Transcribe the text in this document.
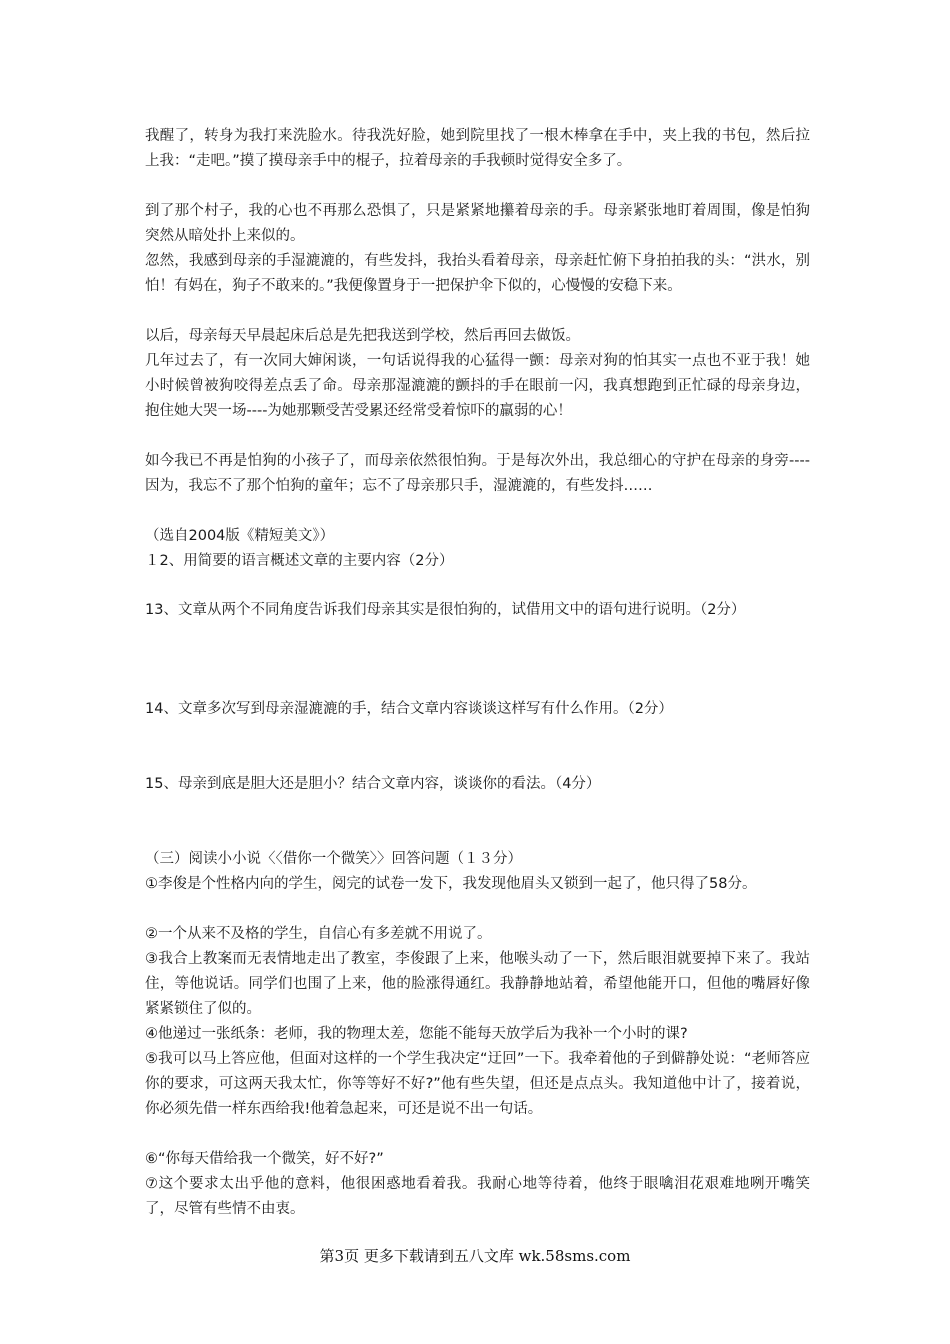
我醒了，转身为我打来洗脸水。待我洗好脸，她到院里找了一根木棒拿在手中，夹上我的书包，然后拉上我：“走吧。”摸了摸母亲手中的棍子，拉着母亲的手我顿时觉得安全多了。

到了那个村子，我的心也不再那么恐惧了，只是紧紧地攥着母亲的手。母亲紧张地盯着周围，像是怕狗突然从暗处扑上来似的。

忽然，我感到母亲的手湿漉漉的，有些发抖，我抬头看着母亲，母亲赶忙俯下身拍拍我的头：“洪水，别怕！有妈在，狗子不敢来的。”我便像置身于一把保护伞下似的，心慢慢的安稳下来。

以后，母亲每天早晨起床后总是先把我送到学校，然后再回去做饭。

几年过去了，有一次同大婶闲谈，一句话说得我的心猛得一颤：母亲对狗的怕其实一点也不亚于我！她小时候曾被狗咬得差点丢了命。母亲那湿漉漉的颤抖的手在眼前一闪，我真想跑到正忙碌的母亲身边，抱住她大哭一场----为她那颗受苦受累还经常受着惊吓的羸弱的心！

如今我已不再是怕狗的小孩子了，而母亲依然很怕狗。于是每次外出，我总细心的守护在母亲的身旁----因为，我忘不了那个怕狗的童年；忘不了母亲那只手，湿漉漉的，有些发抖……

（选自2004版《精短美文》）

１2、用简要的语言概述文章的主要内容（2分）

13、文章从两个不同角度告诉我们母亲其实是很怕狗的，试借用文中的语句进行说明。（2分）

14、文章多次写到母亲湿漉漉的手，结合文章内容谈谈这样写有什么作用。（2分）

15、母亲到底是胆大还是胆小？结合文章内容，谈谈你的看法。（4分）

（三）阅读小小说〈〈借你一个微笑〉〉回答问题（１３分）

①李俊是个性格内向的学生，阅完的试卷一发下，我发现他眉头又锁到一起了，他只得了58分。

②一个从来不及格的学生，自信心有多差就不用说了。

③我合上教案而无表情地走出了教室，李俊跟了上来，他喉头动了一下，然后眼泪就要掉下来了。我站住，等他说话。同学们也围了上来，他的脸涨得通红。我静静地站着，希望他能开口，但他的嘴唇好像紧紧锁住了似的。

④他递过一张纸条：老师，我的物理太差，您能不能每天放学后为我补一个小时的课?

⑤我可以马上答应他，但面对这样的一个学生我决定“迂回”一下。我牵着他的子到僻静处说：“老师答应你的要求，可这两天我太忙，你等等好不好?”他有些失望，但还是点点头。我知道他中计了，接着说，你必须先借一样东西给我!他着急起来，可还是说不出一句话。

⑥“你每天借给我一个微笑，好不好?”

⑦这个要求太出乎他的意料，他很困惑地看着我。我耐心地等待着，他终于眼噙泪花艰难地咧开嘴笑了，尽管有些情不由衷。

第3页 更多下载请到五八文库 wk.58sms.com
